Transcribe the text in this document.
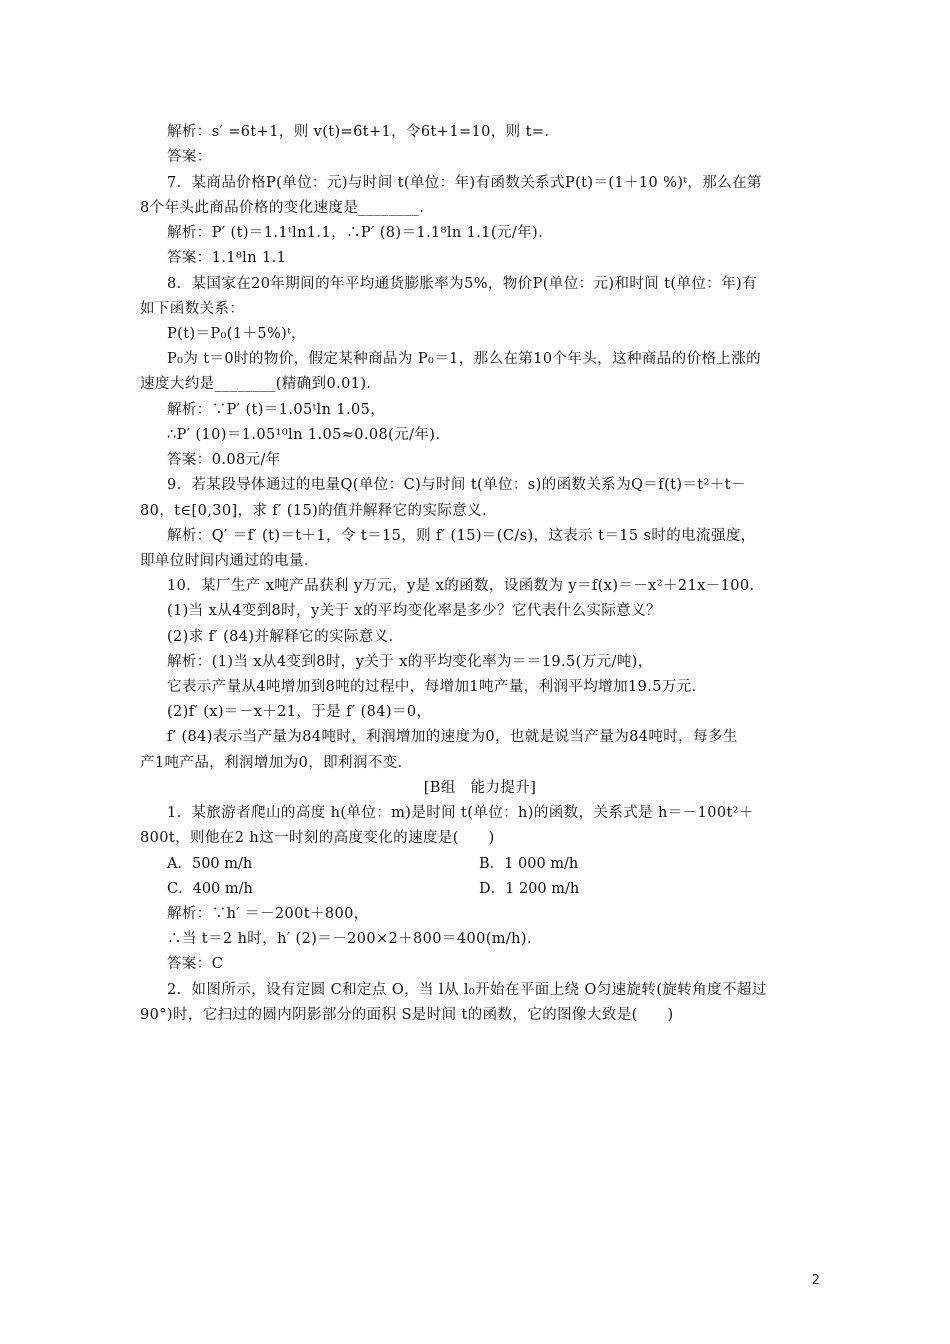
解析：s′ =6t+1，则 v(t)=6t+1，令6t+1=10，则 t=.
答案：
7．某商品价格P(单位：元)与时间 t(单位：年)有函数关系式P(t)＝(1＋10 %)ᵗ，那么在第
8个年头此商品价格的变化速度是________．
解析：P′ (t)＝1.1ᵗln1.1，∴P′ (8)＝1.1⁸ln 1.1(元/年)．
答案：1.1⁸ln 1.1
8．某国家在20年期间的年平均通货膨胀率为5%，物价P(单位：元)和时间 t(单位：年)有
如下函数关系：
P(t)＝P₀(1＋5%)ᵗ，
P₀为 t＝0时的物价，假定某种商品为 P₀＝1，那么在第10个年头，这种商品的价格上涨的
速度大约是________(精确到0.01)．
解析：∵P′ (t)＝1.05ᵗln 1.05，
∴P′ (10)＝1.05¹⁰ln 1.05≈0.08(元/年)．
答案：0.08元/年
9．若某段导体通过的电量Q(单位：C)与时间 t(单位：s)的函数关系为Q＝f(t)＝t²＋t－
80，t∈[0,30]，求 f′ (15)的值并解释它的实际意义．
解析：Q′ ＝f′ (t)＝t＋1，令 t＝15，则 f′ (15)＝(C/s)，这表示 t＝15 s时的电流强度，
即单位时间内通过的电量．
10．某厂生产 x吨产品获利 y万元，y是 x的函数，设函数为 y＝f(x)＝－x²＋21x－100.
(1)当 x从4变到8时，y关于 x的平均变化率是多少？它代表什么实际意义？
(2)求 f′ (84)并解释它的实际意义．
解析：(1)当 x从4变到8时，y关于 x的平均变化率为＝＝19.5(万元/吨)，
它表示产量从4吨增加到8吨的过程中，每增加1吨产量，利润平均增加19.5万元．
(2)f′ (x)＝－x＋21，于是 f′ (84)＝0，
f′ (84)表示当产量为84吨时，利润增加的速度为0，也就是说当产量为84吨时，每多生
产1吨产品，利润增加为0，即利润不变．
[B组　能力提升]
1．某旅游者爬山的高度 h(单位：m)是时间 t(单位：h)的函数，关系式是 h＝－100t²＋
800t，则他在2 h这一时刻的高度变化的速度是(　　)
A．500 m/h	B．1 000 m/h
C．400 m/h	D．1 200 m/h
解析：∵h′ ＝－200t＋800，
∴当 t＝2 h时，h′ (2)＝－200×2＋800＝400(m/h)．
答案：C
2．如图所示，设有定圆 C和定点 O，当 l从 l₀开始在平面上绕 O匀速旋转(旋转角度不超过
90°)时，它扫过的圆内阴影部分的面积 S是时间 t的函数，它的图像大致是(　　)
2
